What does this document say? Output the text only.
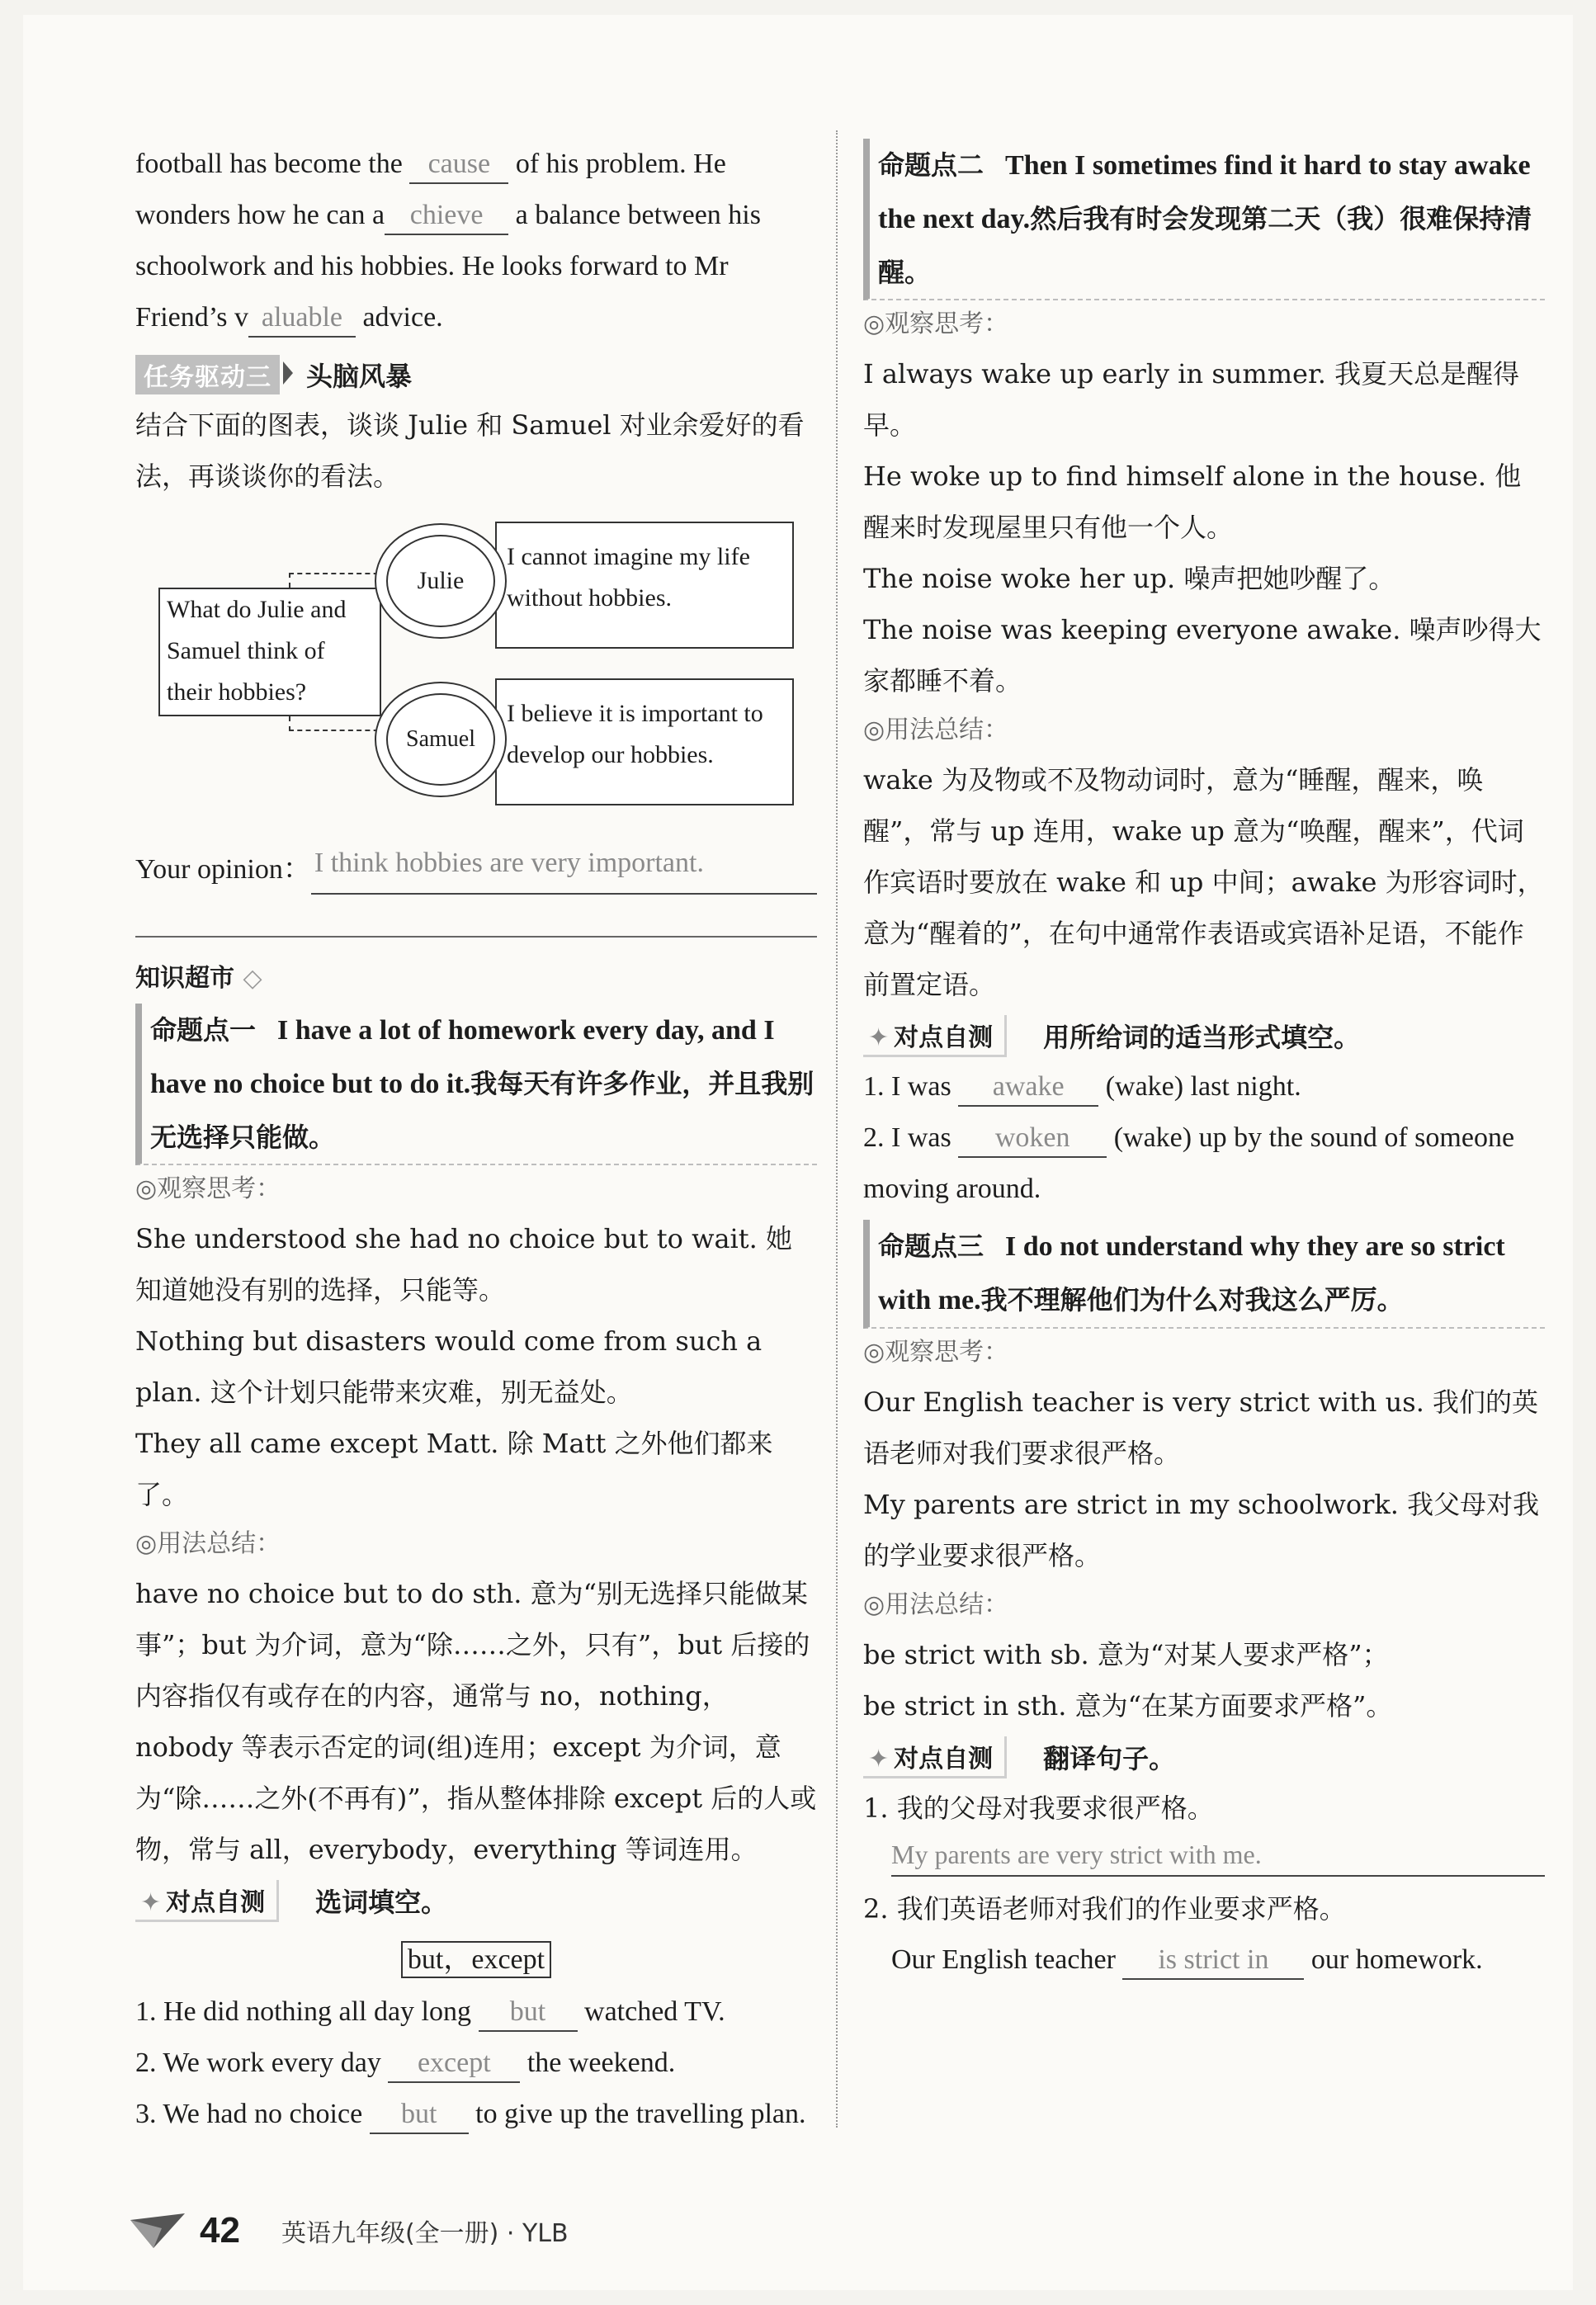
football has become the cause of his problem. He wonders how he can a chieve a balance between his schoolwork and his hobbies. He looks forward to Mr Friend’s v aluable advice.

任务驱动三	头脑风暴

结合下面的图表，谈谈 Julie 和 Samuel 对业余爱好的看法，再谈谈你的看法。

What do Julie and Samuel think of their hobbies?
I cannot imagine my life without hobbies.
Julie
I believe it is important to develop our hobbies.
Samuel
Your opinion： I think hobbies are very important.

知识超市 ◇

命题点一 I have a lot of homework every day, and I have no choice but to do it.我每天有许多作业，并且我别无选择只能做。

◎观察思考：

She understood she had no choice but to wait. 她知道她没有别的选择，只能等。

Nothing but disasters would come from such a plan. 这个计划只能带来灾难，别无益处。

They all came except Matt. 除 Matt 之外他们都来了。

◎用法总结：

have no choice but to do sth. 意为“别无选择只能做某事”；but 为介词，意为“除……之外，只有”，but 后接的内容指仅有或存在的内容，通常与 no，nothing，nobody 等表示否定的词(组)连用；except 为介词，意为“除……之外(不再有)”，指从整体排除 except 后的人或物，常与 all，everybody，everything 等词连用。

✦ 对点自测	选词填空。
but，except

1. He did nothing all day long but watched TV.

2. We work every day except the weekend.

3. We had no choice but to give up the travelling plan.

命题点二 Then I sometimes find it hard to stay awake the next day.然后我有时会发现第二天（我）很难保持清醒。

◎观察思考：

I always wake up early in summer. 我夏天总是醒得早。

He woke up to find himself alone in the house. 他醒来时发现屋里只有他一个人。

The noise woke her up. 噪声把她吵醒了。

The noise was keeping everyone awake. 噪声吵得大家都睡不着。

◎用法总结：

wake 为及物或不及物动词时，意为“睡醒，醒来，唤醒”，常与 up 连用，wake up 意为“唤醒，醒来”，代词作宾语时要放在 wake 和 up 中间；awake 为形容词时，意为“醒着的”，在句中通常作表语或宾语补足语，不能作前置定语。

✦ 对点自测	用所给词的适当形式填空。

1. I was awake (wake) last night.

2. I was woken (wake) up by the sound of someone moving around.

命题点三 I do not understand why they are so strict with me.我不理解他们为什么对我这么严厉。

◎观察思考：

Our English teacher is very strict with us. 我们的英语老师对我们要求很严格。

My parents are strict in my schoolwork. 我父母对我的学业要求很严格。

◎用法总结：

be strict with sb. 意为“对某人要求严格”；

be strict in sth. 意为“在某方面要求严格”。

✦ 对点自测	翻译句子。

1. 我的父母对我要求很严格。

My parents are very strict with me.

2. 我们英语老师对我们的作业要求严格。

Our English teacher is strict in our homework.

42 英语九年级(全一册) · YLB
